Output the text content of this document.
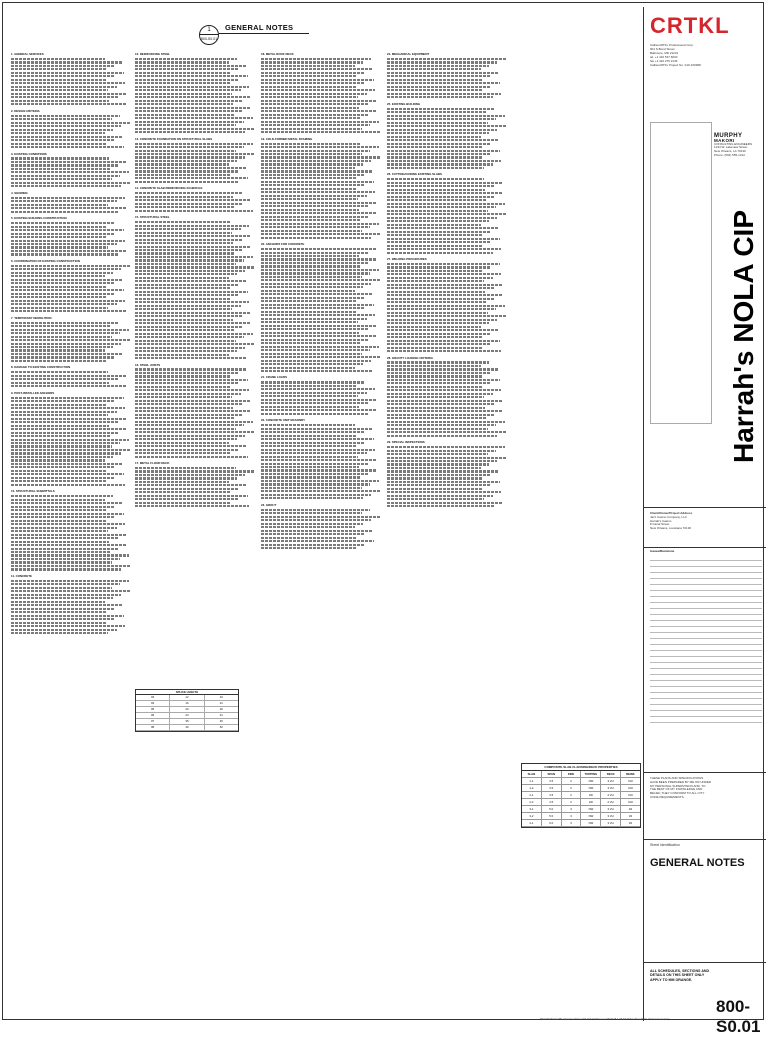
1
800-S0.01
GENERAL NOTES
1. GENERAL SERVICES
2. DESIGN CRITERIA
3. EXISTING CONDITIONS
4. SHORING
5. EXISTING BUILDING CONSTRUCTION
6. COORDINATION OF EXISTING CONSTRUCTION
7. TEMPORARY DEMOLITION
8. DAMAGE TO EXISTING CONSTRUCTION
9. POST-INSTALLED ANCHORS
10. STRUCTURAL SUBMITTALS
11. CONCRETE
12. REINFORCING STEEL
13. CONCRETE FOUNDATION ON STRUCTURAL SLABS
14. CONCRETE SLAB REINFORCING SCHEDULE
15. STRUCTURAL STEEL
16. STEEL JOISTS
17. METAL FLOOR DECK
18. METAL ROOF DECK
19. COLD-FORMED METAL FRAMING
20. ANCHORS FOR CONCRETE
21. CRANE LOADS
22. CONCRETE UNIT MASONRY
23. GROUT
24. MECHANICAL EQUIPMENT
25. EXISTING BUILDING
26. CUTTING/CORING EXISTING SLABS
27. WELDING PROCEDURES
28. GRAVITY LOADING CRITERIA
29. SPECIAL INSPECTIONS
SPLICE LENGTH
#3	12	16
#4	16	21
#5	20	26
#6	24	31
#7	35	46
#8	40	52
COMPOSITE SLAB CLADDING/DECK PROPERTIES
SLAB	SPAN	FIRE	TOPPING	DECK	REINF.
1-1	3.5	2	NW	3 VLI	6x6
1-2	3.5	2	NW	3 VLI	6x6
2-1	4.5	2	LW	2 VLI	6x6
2-2	4.5	2	LW	2 VLI	6x6
3-1	5.0	3	NW	3 VLI	#4
3-2	5.0	3	NW	3 VLI	#4
4-1	6.0	3	NW	3 VLI	#4
CRTKL
CallisonRTKL Professional Corp.
901 S Bond Street
Baltimore, MD 21231
tel. +1 410 537 6000
fax +1 410 276 2136
CallisonRTKL Project No. 010-160998
MURPHY
MAKORI
CONSULTING ENGINEERS
1234 W. Lakeview Street
New Orleans, LA 70130
Phone: (504) 555-1212
Harrah's NOLA CIP
Client/Owner/Project Address
Jazz Casino Company, LLC
Harrah's Casino
8 Canal Street
New Orleans, Louisiana 70130
Issues/Revisions
THESE PLANS AND SPECIFICATIONS
HAVE BEEN PREPARED BY ME OR UNDER
MY PERSONAL SUPERVISION AND, TO
THE BEST OF MY KNOWLEDGE AND
BELIEF, THEY CONFORM TO ALL CITY
CODE REQUIREMENTS.
Sheet Identification
GENERAL NOTES
ALL SCHEDULES, SECTIONS AND DETAILS ON THIS SHEET ONLY APPLY TO MM ORANGE.
800-S0.01
MM ORANGE MM Harrah's NOLA CIP 2017 S001.rvt 1/18/2018 1:38:48 PM CallisonRTKL Professional Corp.
